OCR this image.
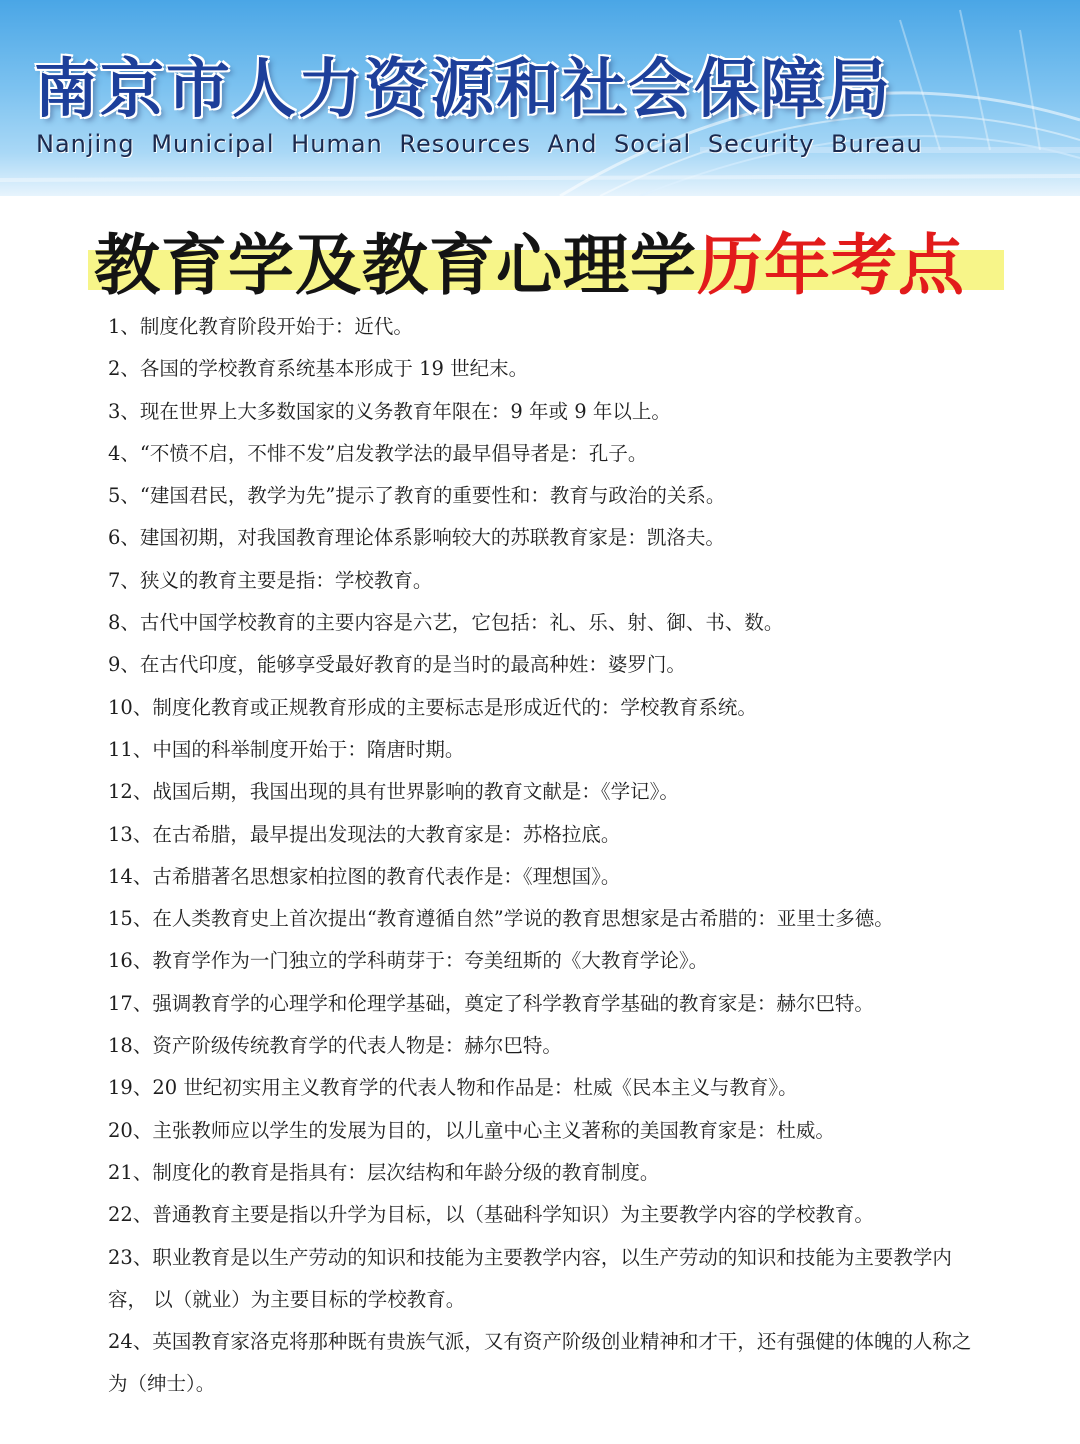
南京市人力资源和社会保障局
Nanjing Municipal Human Resources And Social Security Bureau
教育学及教育心理学历年考点

1、制度化教育阶段开始于：近代。

2、各国的学校教育系统基本形成于 19 世纪末。

3、现在世界上大多数国家的义务教育年限在：9 年或 9 年以上。

4、“不愤不启，不悱不发”启发教学法的最早倡导者是：孔子。

5、“建国君民，教学为先”提示了教育的重要性和：教育与政治的关系。

6、建国初期，对我国教育理论体系影响较大的苏联教育家是：凯洛夫。

7、狭义的教育主要是指：学校教育。

8、古代中国学校教育的主要内容是六艺，它包括：礼、乐、射、御、书、数。

9、在古代印度，能够享受最好教育的是当时的最高种姓：婆罗门。

10、制度化教育或正规教育形成的主要标志是形成近代的：学校教育系统。

11、中国的科举制度开始于：隋唐时期。

12、战国后期，我国出现的具有世界影响的教育文献是：《学记》。

13、在古希腊，最早提出发现法的大教育家是：苏格拉底。

14、古希腊著名思想家柏拉图的教育代表作是：《理想国》。

15、在人类教育史上首次提出“教育遵循自然”学说的教育思想家是古希腊的：亚里士多德。

16、教育学作为一门独立的学科萌芽于：夸美纽斯的《大教育学论》。

17、强调教育学的心理学和伦理学基础，奠定了科学教育学基础的教育家是：赫尔巴特。

18、资产阶级传统教育学的代表人物是：赫尔巴特。

19、20 世纪初实用主义教育学的代表人物和作品是：杜威《民本主义与教育》。

20、主张教师应以学生的发展为目的，以儿童中心主义著称的美国教育家是：杜威。

21、制度化的教育是指具有：层次结构和年龄分级的教育制度。

22、普通教育主要是指以升学为目标，以（基础科学知识）为主要教学内容的学校教育。

23、职业教育是以生产劳动的知识和技能为主要教学内容，以生产劳动的知识和技能为主要教学内容， 以（就业）为主要目标的学校教育。

24、英国教育家洛克将那种既有贵族气派，又有资产阶级创业精神和才干，还有强健的体魄的人称之为（绅士）。
